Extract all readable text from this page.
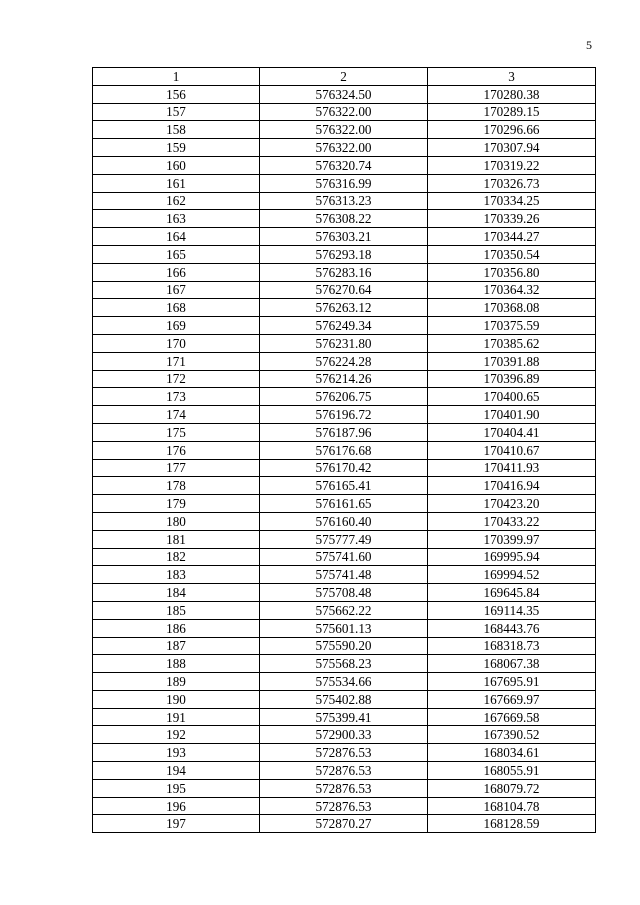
5
1	2	3
156	576324.50	170280.38
157	576322.00	170289.15
158	576322.00	170296.66
159	576322.00	170307.94
160	576320.74	170319.22
161	576316.99	170326.73
162	576313.23	170334.25
163	576308.22	170339.26
164	576303.21	170344.27
165	576293.18	170350.54
166	576283.16	170356.80
167	576270.64	170364.32
168	576263.12	170368.08
169	576249.34	170375.59
170	576231.80	170385.62
171	576224.28	170391.88
172	576214.26	170396.89
173	576206.75	170400.65
174	576196.72	170401.90
175	576187.96	170404.41
176	576176.68	170410.67
177	576170.42	170411.93
178	576165.41	170416.94
179	576161.65	170423.20
180	576160.40	170433.22
181	575777.49	170399.97
182	575741.60	169995.94
183	575741.48	169994.52
184	575708.48	169645.84
185	575662.22	169114.35
186	575601.13	168443.76
187	575590.20	168318.73
188	575568.23	168067.38
189	575534.66	167695.91
190	575402.88	167669.97
191	575399.41	167669.58
192	572900.33	167390.52
193	572876.53	168034.61
194	572876.53	168055.91
195	572876.53	168079.72
196	572876.53	168104.78
197	572870.27	168128.59
